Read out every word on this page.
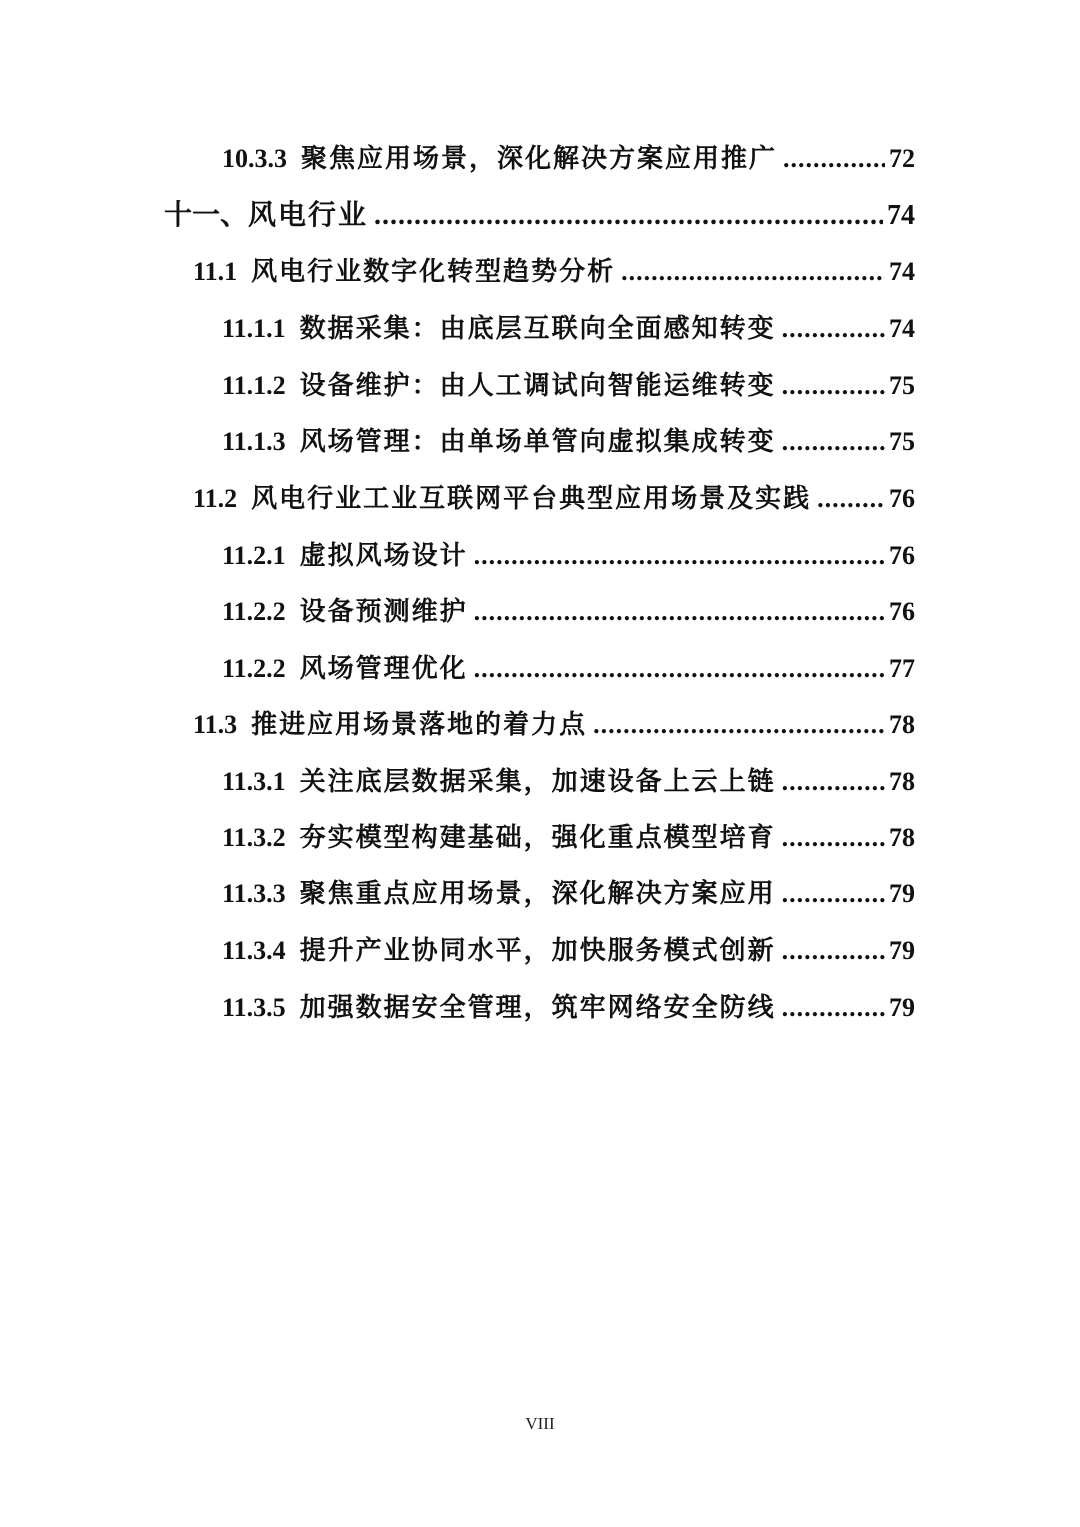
10.3.3 聚焦应用场景，深化解决方案应用推广 .....	72
十一、 风电行业 .....	74
11.1 风电行业数字化转型趋势分析 .....	74
11.1.1 数据采集：由底层互联向全面感知转变 .....	74
11.1.2 设备维护：由人工调试向智能运维转变 .....	75
11.1.3 风场管理：由单场单管向虚拟集成转变 .....	75
11.2 风电行业工业互联网平台典型应用场景及实践 .....	76
11.2.1 虚拟风场设计 .....	76
11.2.2 设备预测维护 .....	76
11.2.2 风场管理优化 .....	77
11.3 推进应用场景落地的着力点 .....	78
11.3.1 关注底层数据采集，加速设备上云上链 .....	78
11.3.2 夯实模型构建基础，强化重点模型培育 .....	78
11.3.3 聚焦重点应用场景，深化解决方案应用 .....	79
11.3.4 提升产业协同水平，加快服务模式创新 .....	79
11.3.5 加强数据安全管理，筑牢网络安全防线 .....	79
VIII
